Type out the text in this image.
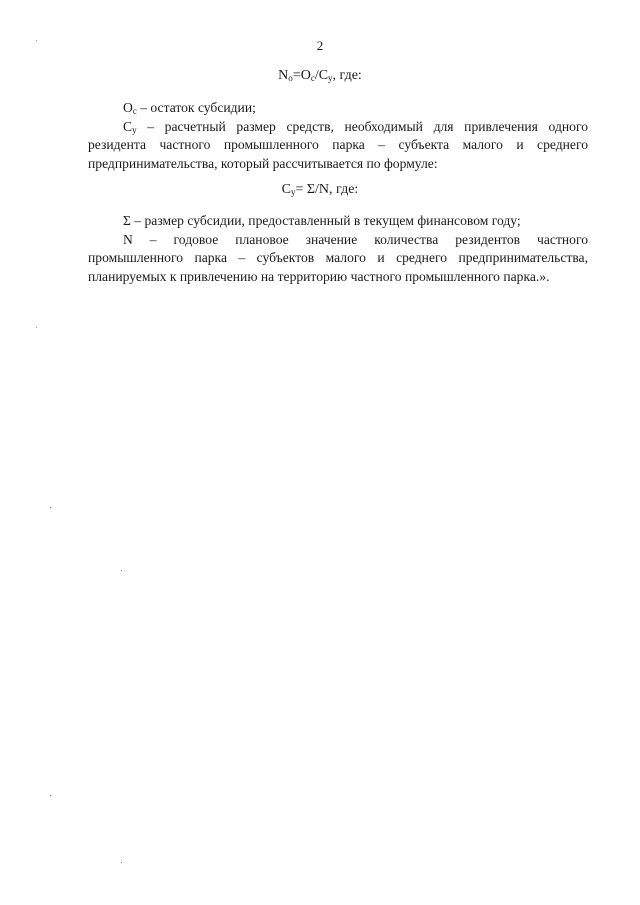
2
$N_o=O_c/C_у$, где:

$O_с$ – остаток субсидии;

$C_у$ – расчетный размер средств, необходимый для привлечения одного резидента частного промышленного парка – субъекта малого и среднего предпринимательства, который рассчитывается по формуле:

$C_у= \Sigma/N$, где:

Σ – размер субсидии, предоставленный в текущем финансовом году;

N – годовое плановое значение количества резидентов частного промышленного парка – субъектов малого и среднего предпринимательства, планируемых к привлечению на территорию частного промышленного парка.».
